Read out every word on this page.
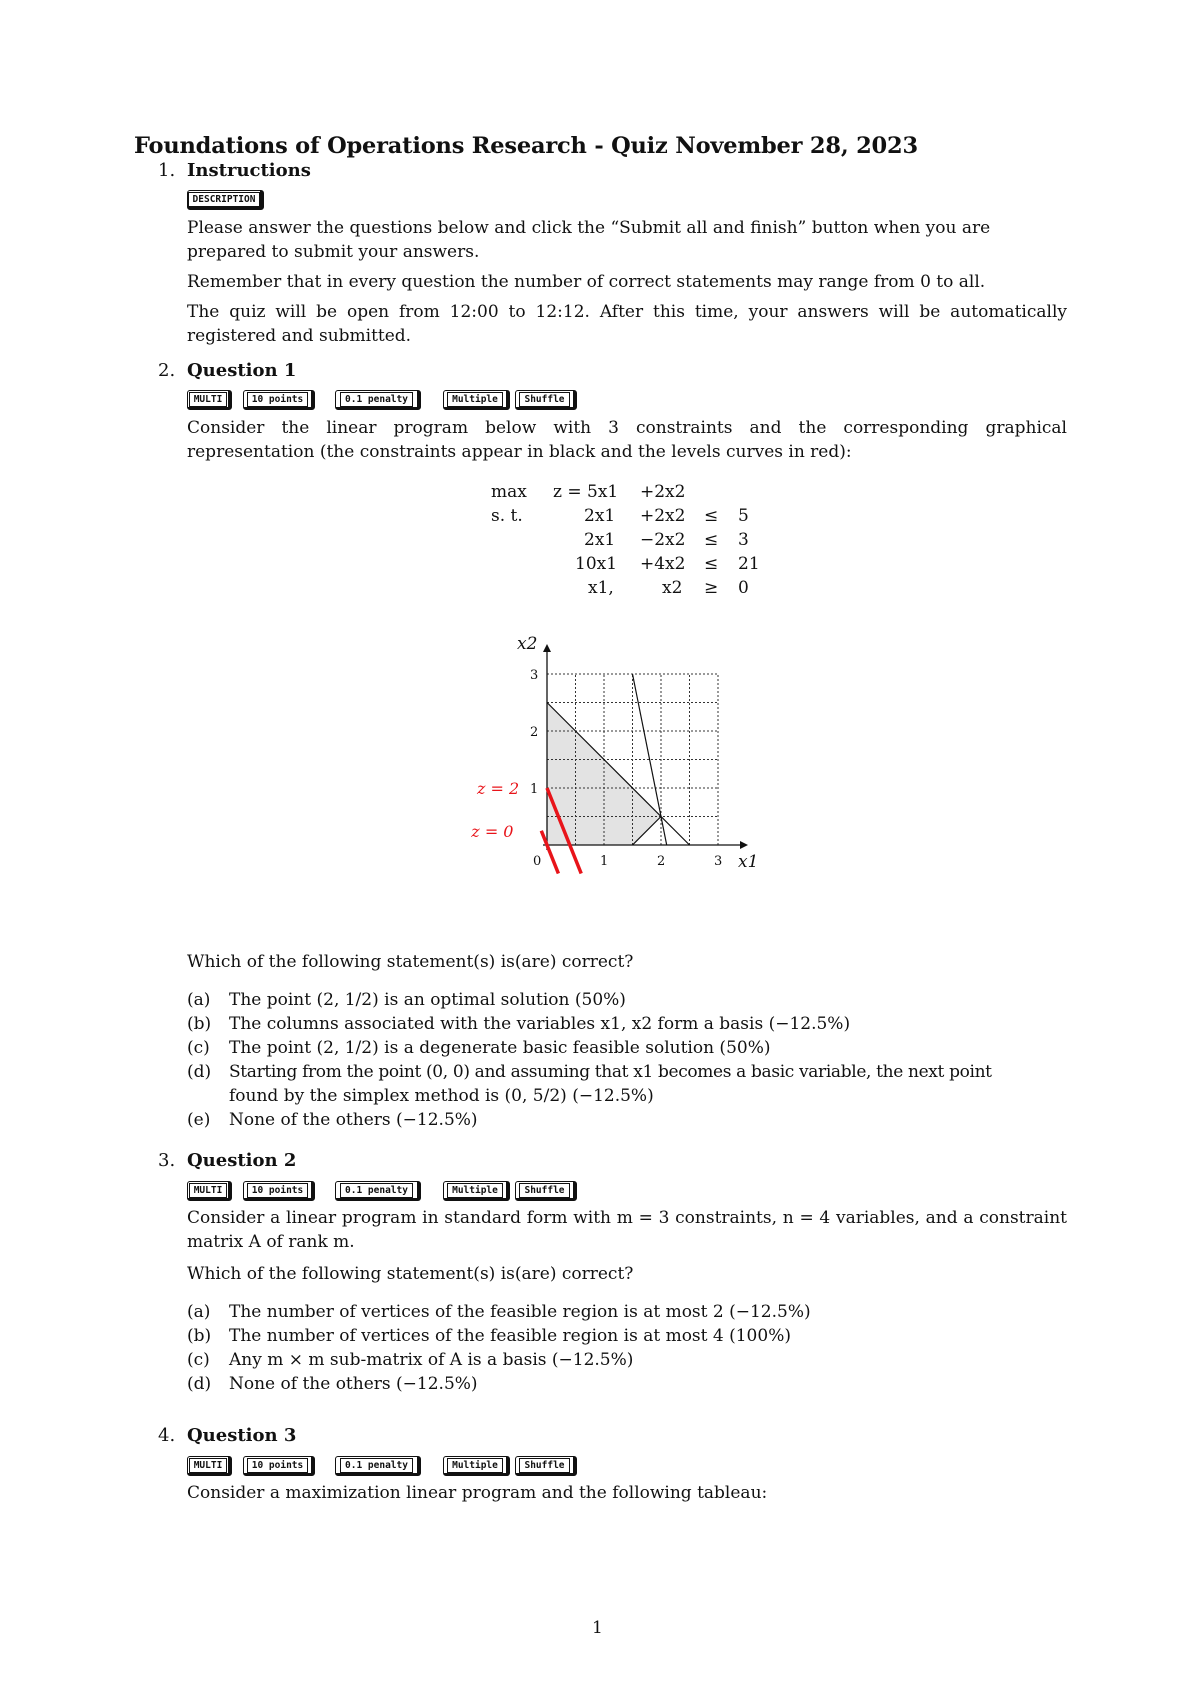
Foundations of Operations Research - Quiz November 28, 2023
1. Instructions
DESCRIPTION
Please answer the questions below and click the “Submit all and finish” button when you are prepared to submit your answers.
Remember that in every question the number of correct statements may range from 0 to all.
The quiz will be open from 12:00 to 12:12. After this time, your answers will be automatically registered and submitted.
2. Question 1
MULTI	10 points	0.1 penalty	Multiple	Shuffle
Consider the linear program below with 3 constraints and the corresponding graphical representation (the constraints appear in black and the levels curves in red):
max z = 5x1 +2x2
s. t.	2x1 +2x2 ≤ 5
2x1 −2x2 ≤ 3
10x1 +4x2 ≤ 21
x1,	x2 ≥ 0
z = 2
z = 0
0	1	2	3
1
2
3
x1
x2
Which of the following statement(s) is(are) correct?
(a) The point (2, 1/2) is an optimal solution (50%)
(b) The columns associated with the variables x1, x2 form a basis (−12.5%)
(c) The point (2, 1/2) is a degenerate basic feasible solution (50%)
(d) Starting from the point (0, 0) and assuming that x1 becomes a basic variable, the next point
found by the simplex method is (0, 5/2) (−12.5%)
(e) None of the others (−12.5%)
3. Question 2
MULTI	10 points	0.1 penalty	Multiple	Shuffle
Consider a linear program in standard form with m = 3 constraints, n = 4 variables, and a constraint matrix A of rank m.
Which of the following statement(s) is(are) correct?
(a) The number of vertices of the feasible region is at most 2 (−12.5%)
(b) The number of vertices of the feasible region is at most 4 (100%)
(c) Any m × m sub-matrix of A is a basis (−12.5%)
(d) None of the others (−12.5%)
4. Question 3
MULTI	10 points	0.1 penalty	Multiple	Shuffle
Consider a maximization linear program and the following tableau:
1
